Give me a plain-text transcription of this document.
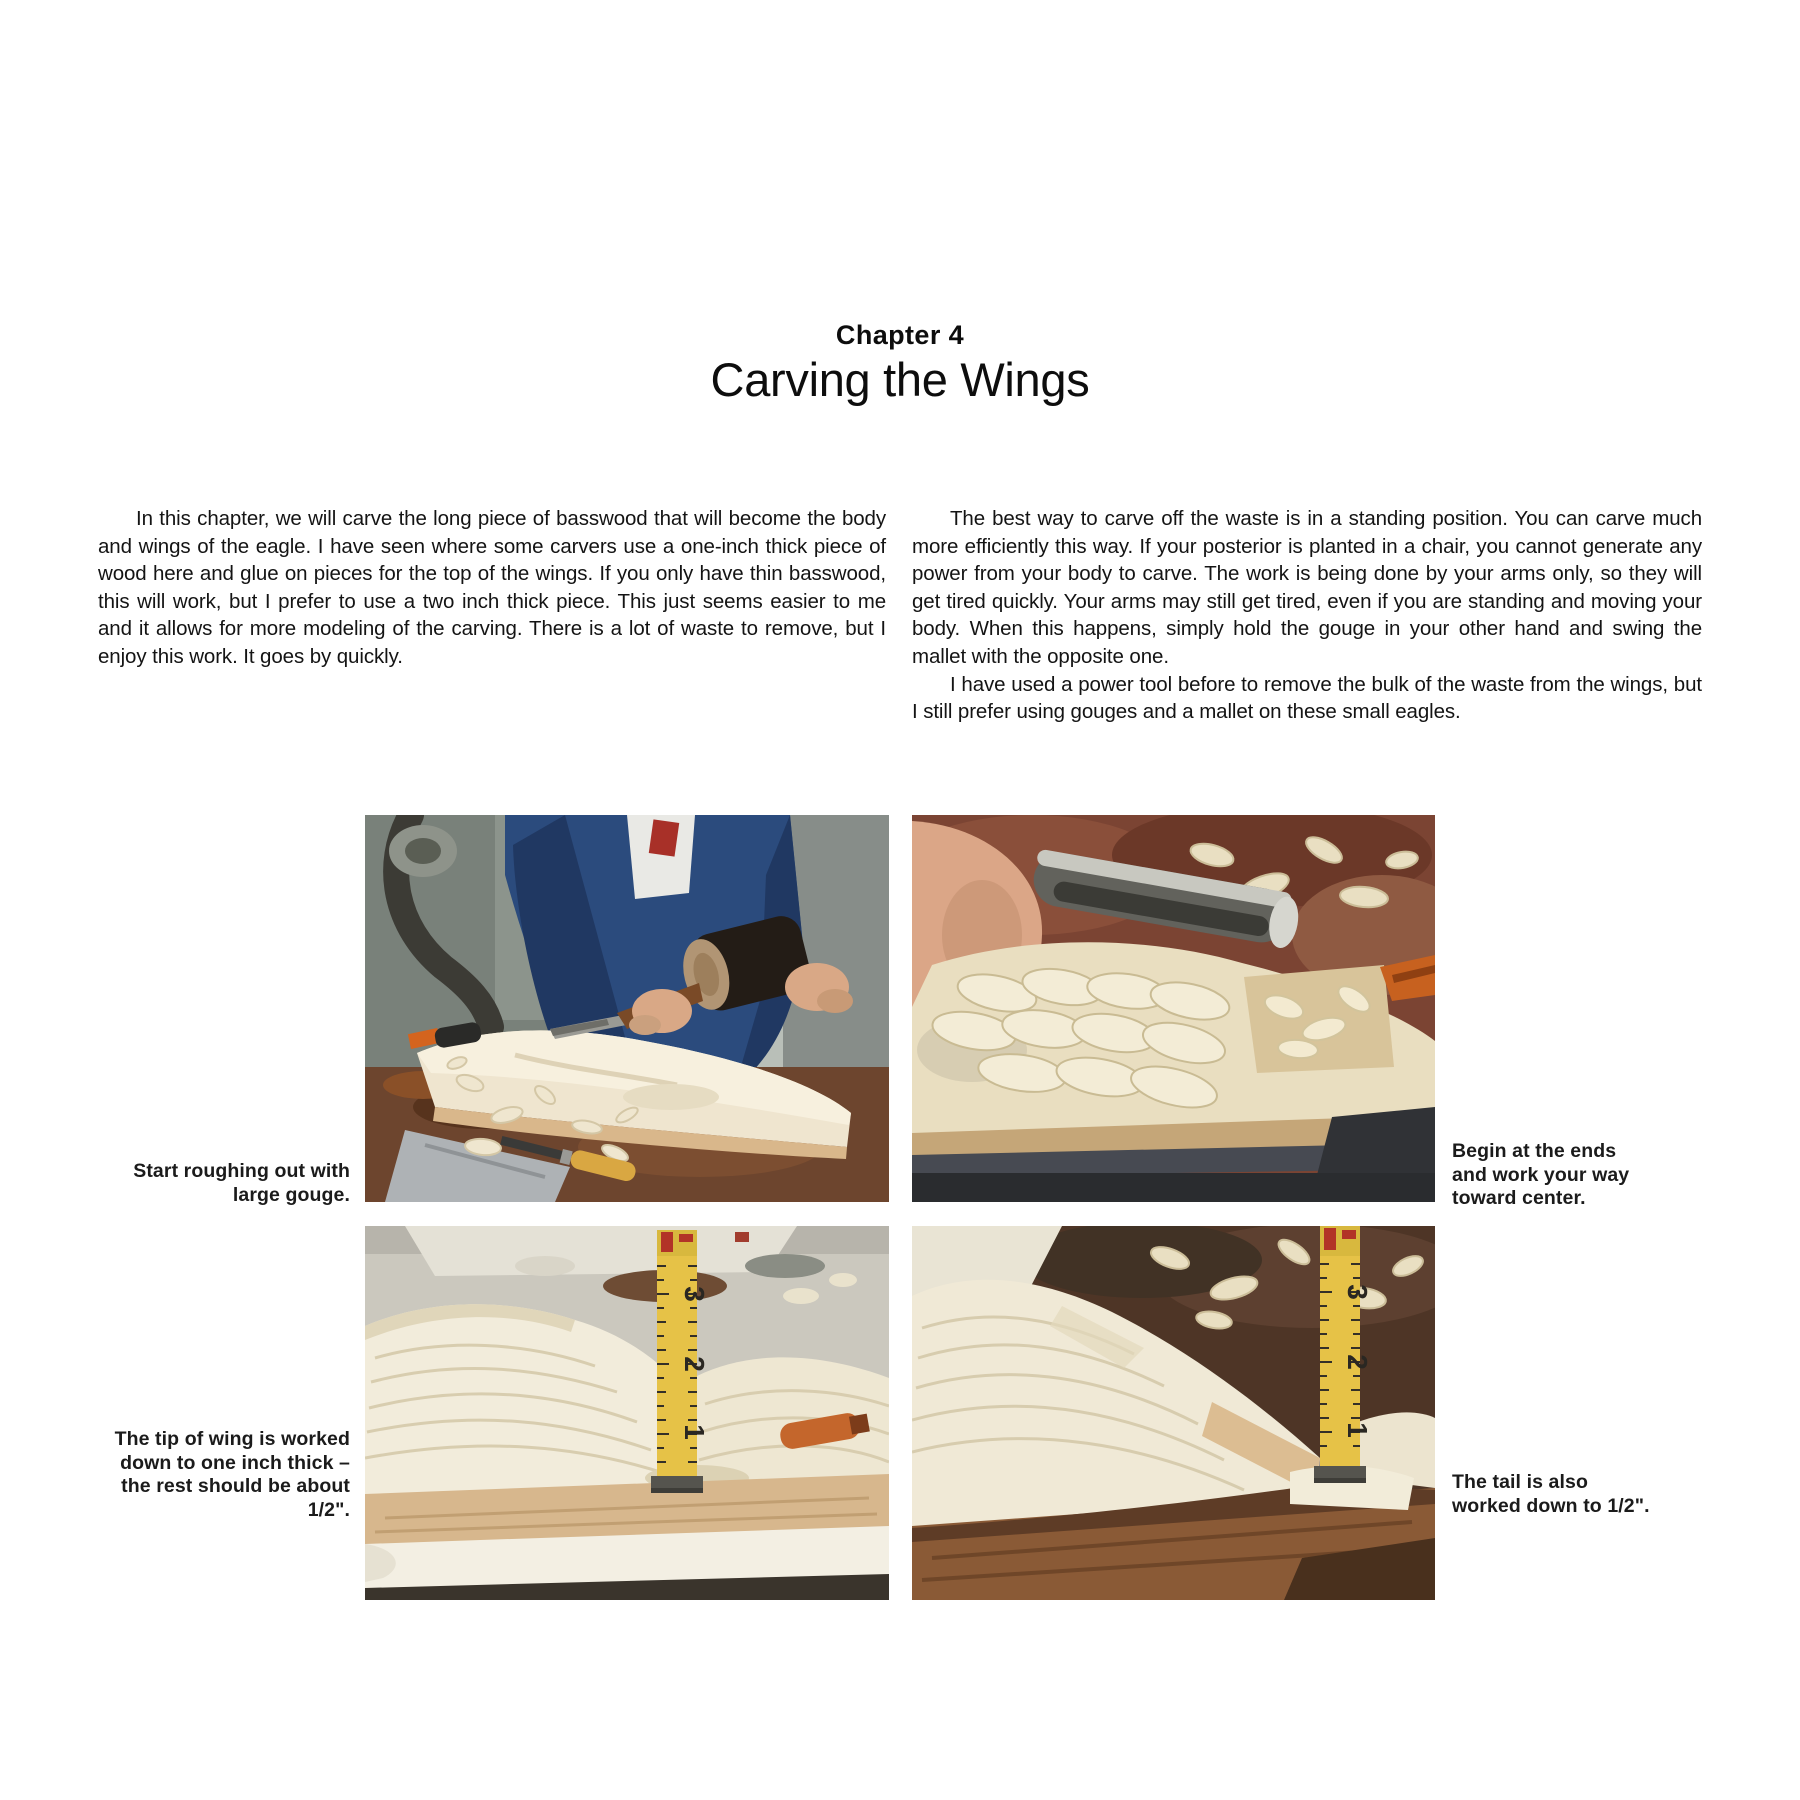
Chapter 4
Carving the Wings

In this chapter, we will carve the long piece of basswood that will become the body and wings of the eagle. I have seen where some carvers use a one-inch thick piece of wood here and glue on pieces for the top of the wings. If you only have thin basswood, this will work, but I prefer to use a two inch thick piece. This just seems easier to me and it allows for more modeling of the carving. There is a lot of waste to remove, but I enjoy this work. It goes by quickly.

The best way to carve off the waste is in a standing position. You can carve much more efficiently this way. If your posterior is planted in a chair, you cannot generate any power from your body to carve. The work is being done by your arms only, so they will get tired quickly. Your arms may still get tired, even if you are standing and moving your body. When this happens, simply hold the gouge in your other hand and swing the mallet with the opposite one.

I have used a power tool before to remove the bulk of the waste from the wings, but I still prefer using gouges and a mallet on these small eagles.

3
2
1
3
2
1
Start roughing out with large gouge.
Begin at the ends and work your way toward center.
The tip of wing is worked down to one inch thick – the rest should be about 1/2".
The tail is also worked down to 1/2".
